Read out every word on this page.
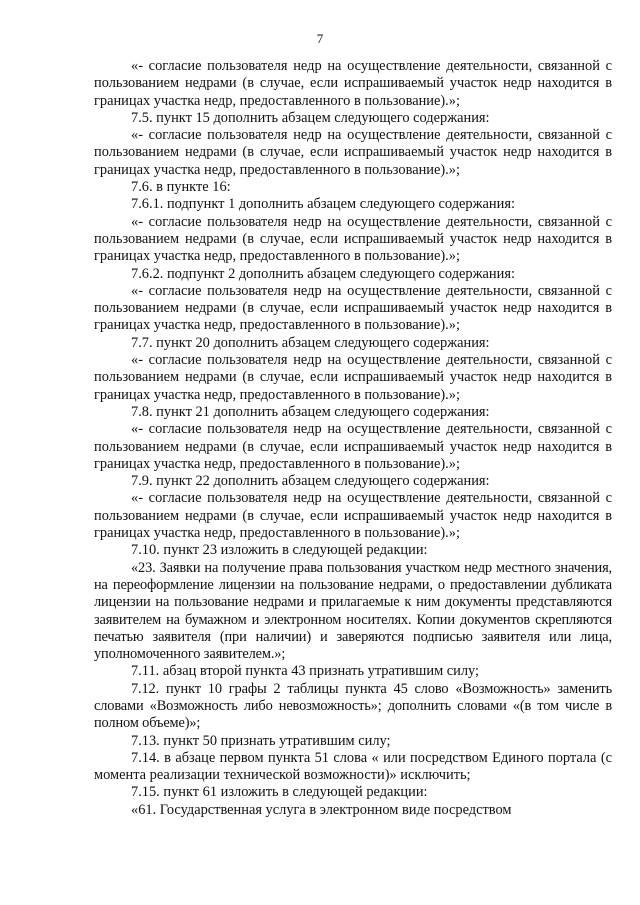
7

«- согласие пользователя недр на осуществление деятельности, связанной с пользованием недрами (в случае, если испрашиваемый участок недр находится в границах участка недр, предоставленного в пользование).»;

7.5. пункт 15 дополнить абзацем следующего содержания:

«- согласие пользователя недр на осуществление деятельности, связанной с пользованием недрами (в случае, если испрашиваемый участок недр находится в границах участка недр, предоставленного в пользование).»;

7.6. в пункте 16:

7.6.1. подпункт 1 дополнить абзацем следующего содержания:

«- согласие пользователя недр на осуществление деятельности, связанной с пользованием недрами (в случае, если испрашиваемый участок недр находится в границах участка недр, предоставленного в пользование).»;

7.6.2. подпункт 2 дополнить абзацем следующего содержания:

«- согласие пользователя недр на осуществление деятельности, связанной с пользованием недрами (в случае, если испрашиваемый участок недр находится в границах участка недр, предоставленного в пользование).»;

7.7. пункт 20 дополнить абзацем следующего содержания:

«- согласие пользователя недр на осуществление деятельности, связанной с пользованием недрами (в случае, если испрашиваемый участок недр находится в границах участка недр, предоставленного в пользование).»;

7.8. пункт 21 дополнить абзацем следующего содержания:

«- согласие пользователя недр на осуществление деятельности, связанной с пользованием недрами (в случае, если испрашиваемый участок недр находится в границах участка недр, предоставленного в пользование).»;

7.9. пункт 22 дополнить абзацем следующего содержания:

«- согласие пользователя недр на осуществление деятельности, связанной с пользованием недрами (в случае, если испрашиваемый участок недр находится в границах участка недр, предоставленного в пользование).»;

7.10. пункт 23 изложить в следующей редакции:

«23. Заявки на получение права пользования участком недр местного значения, на переоформление лицензии на пользование недрами, о предоставлении дубликата лицензии на пользование недрами и прилагаемые к ним документы представляются заявителем на бумажном и электронном носителях. Копии документов скрепляются печатью заявителя (при наличии) и заверяются подписью заявителя или лица, уполномоченного заявителем.»;

7.11. абзац второй пункта 43 признать утратившим силу;

7.12. пункт 10 графы 2 таблицы пункта 45 слово «Возможность» заменить словами «Возможность либо невозможность»; дополнить словами «(в том числе в полном объеме)»;

7.13. пункт 50 признать утратившим силу;

7.14. в абзаце первом пункта 51 слова « или посредством Единого портала (с момента реализации технической возможности)» исключить;

7.15. пункт 61 изложить в следующей редакции:

«61. Государственная услуга в электронном виде посредством
